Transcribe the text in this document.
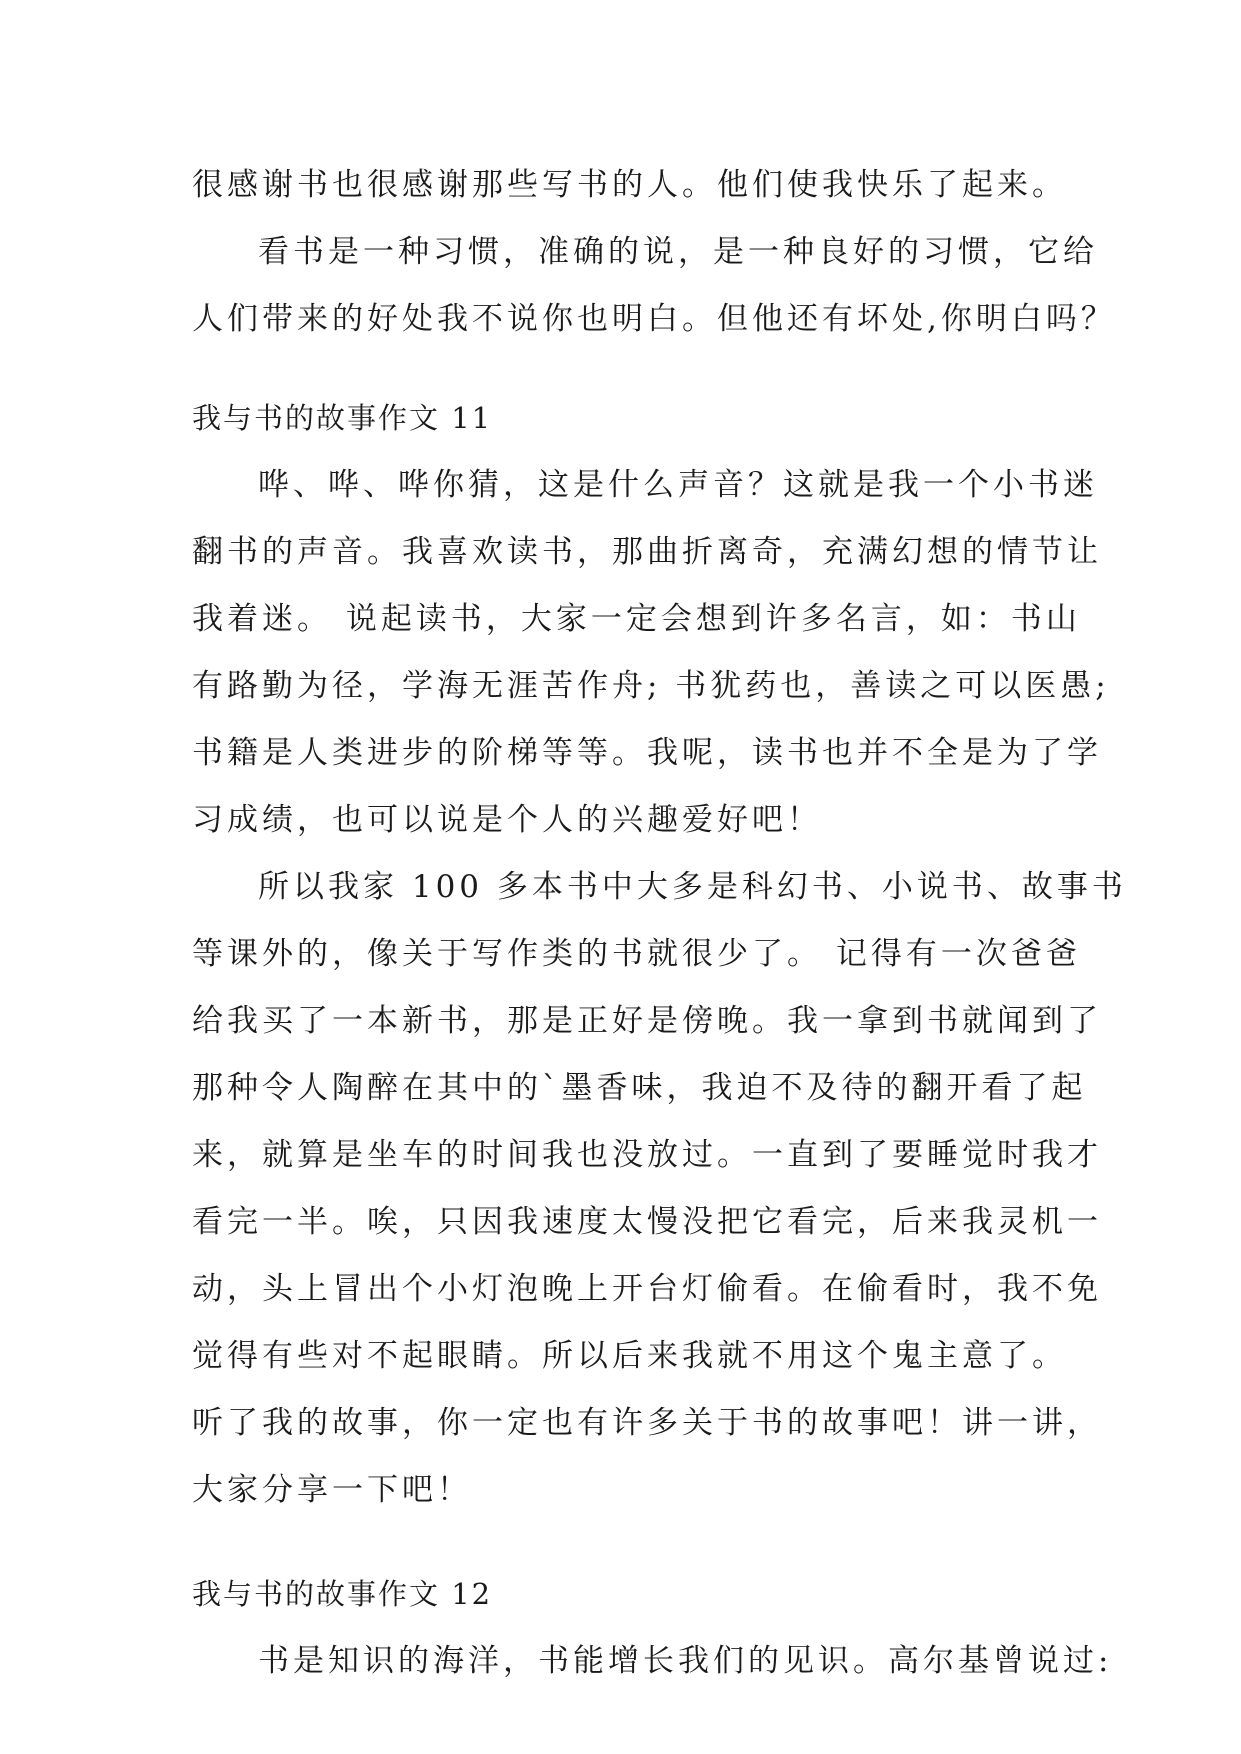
很感谢书也很感谢那些写书的人。他们使我快乐了起来。
看书是一种习惯，准确的说，是一种良好的习惯，它给
人们带来的好处我不说你也明白。但他还有坏处,你明白吗？
我与书的故事作文 11
哗、哗、哗你猜，这是什么声音？这就是我一个小书迷
翻书的声音。我喜欢读书，那曲折离奇，充满幻想的情节让
我着迷。 说起读书，大家一定会想到许多名言，如：书山
有路勤为径，学海无涯苦作舟; 书犹药也，善读之可以医愚;
书籍是人类进步的阶梯等等。我呢，读书也并不全是为了学
习成绩，也可以说是个人的兴趣爱好吧！
所以我家 100 多本书中大多是科幻书、小说书、故事书
等课外的，像关于写作类的书就很少了。 记得有一次爸爸
给我买了一本新书，那是正好是傍晚。我一拿到书就闻到了
那种令人陶醉在其中的`墨香味，我迫不及待的翻开看了起
来，就算是坐车的时间我也没放过。一直到了要睡觉时我才
看完一半。唉，只因我速度太慢没把它看完，后来我灵机一
动，头上冒出个小灯泡晚上开台灯偷看。在偷看时，我不免
觉得有些对不起眼睛。所以后来我就不用这个鬼主意了。
听了我的故事，你一定也有许多关于书的故事吧！讲一讲，
大家分享一下吧！
我与书的故事作文 12
书是知识的海洋，书能增长我们的见识。高尔基曾说过:
